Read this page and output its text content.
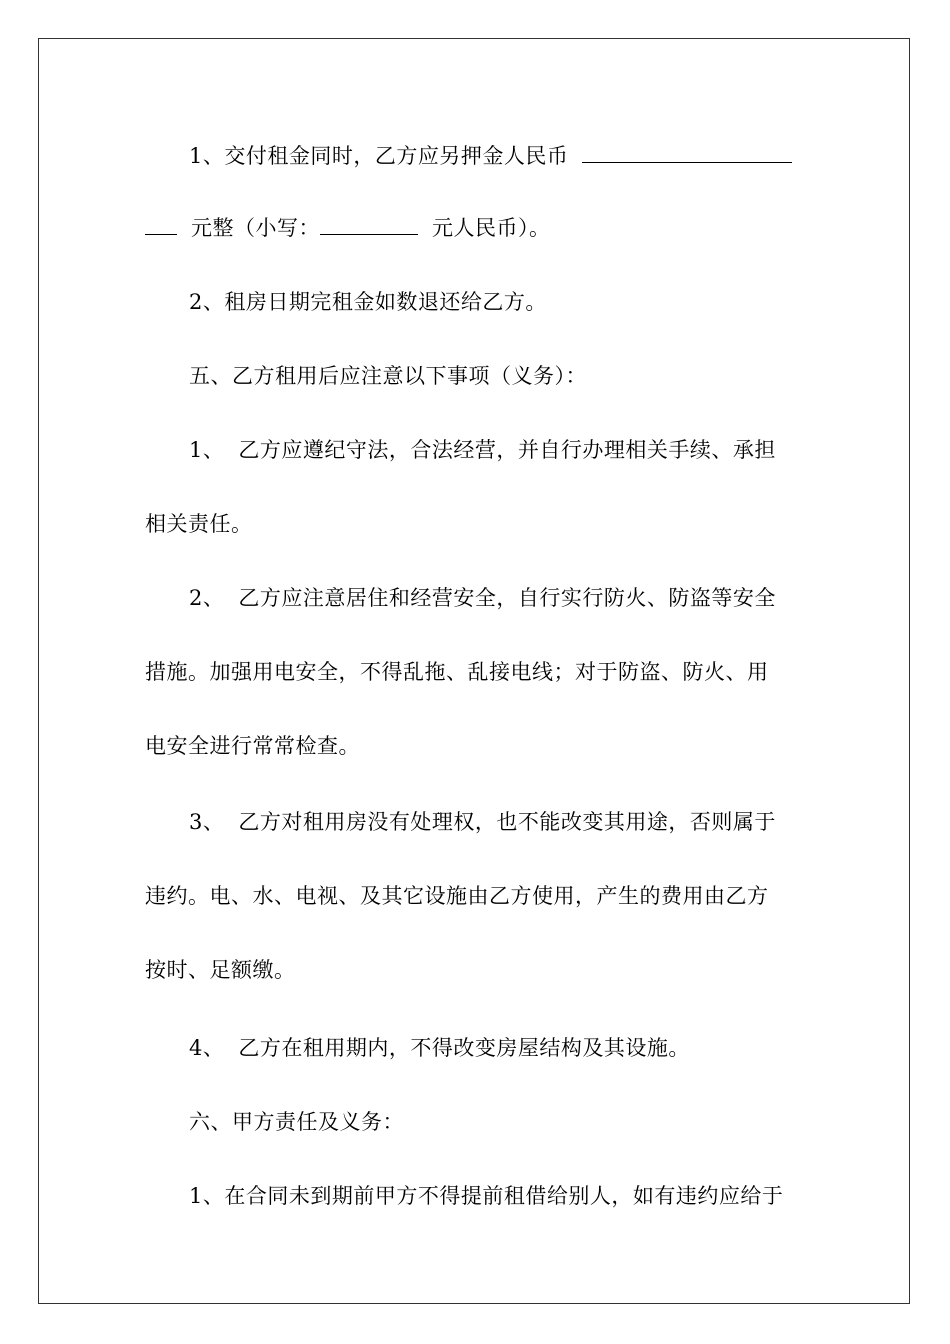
1、交付租金同时，乙方应另押金人民币
元整（小写：	元人民币）。
2、租房日期完租金如数退还给乙方。
五、乙方租用后应注意以下事项（义务）：
1、 乙方应遵纪守法，合法经营，并自行办理相关手续、承担
相关责任。
2、 乙方应注意居住和经营安全，自行实行防火、防盗等安全
措施。加强用电安全，不得乱拖、乱接电线；对于防盗、防火、用
电安全进行常常检查。
3、 乙方对租用房没有处理权，也不能改变其用途，否则属于
违约。电、水、电视、及其它设施由乙方使用，产生的费用由乙方
按时、足额缴。
4、 乙方在租用期内，不得改变房屋结构及其设施。
六、甲方责任及义务：
1、在合同未到期前甲方不得提前租借给别人，如有违约应给于
